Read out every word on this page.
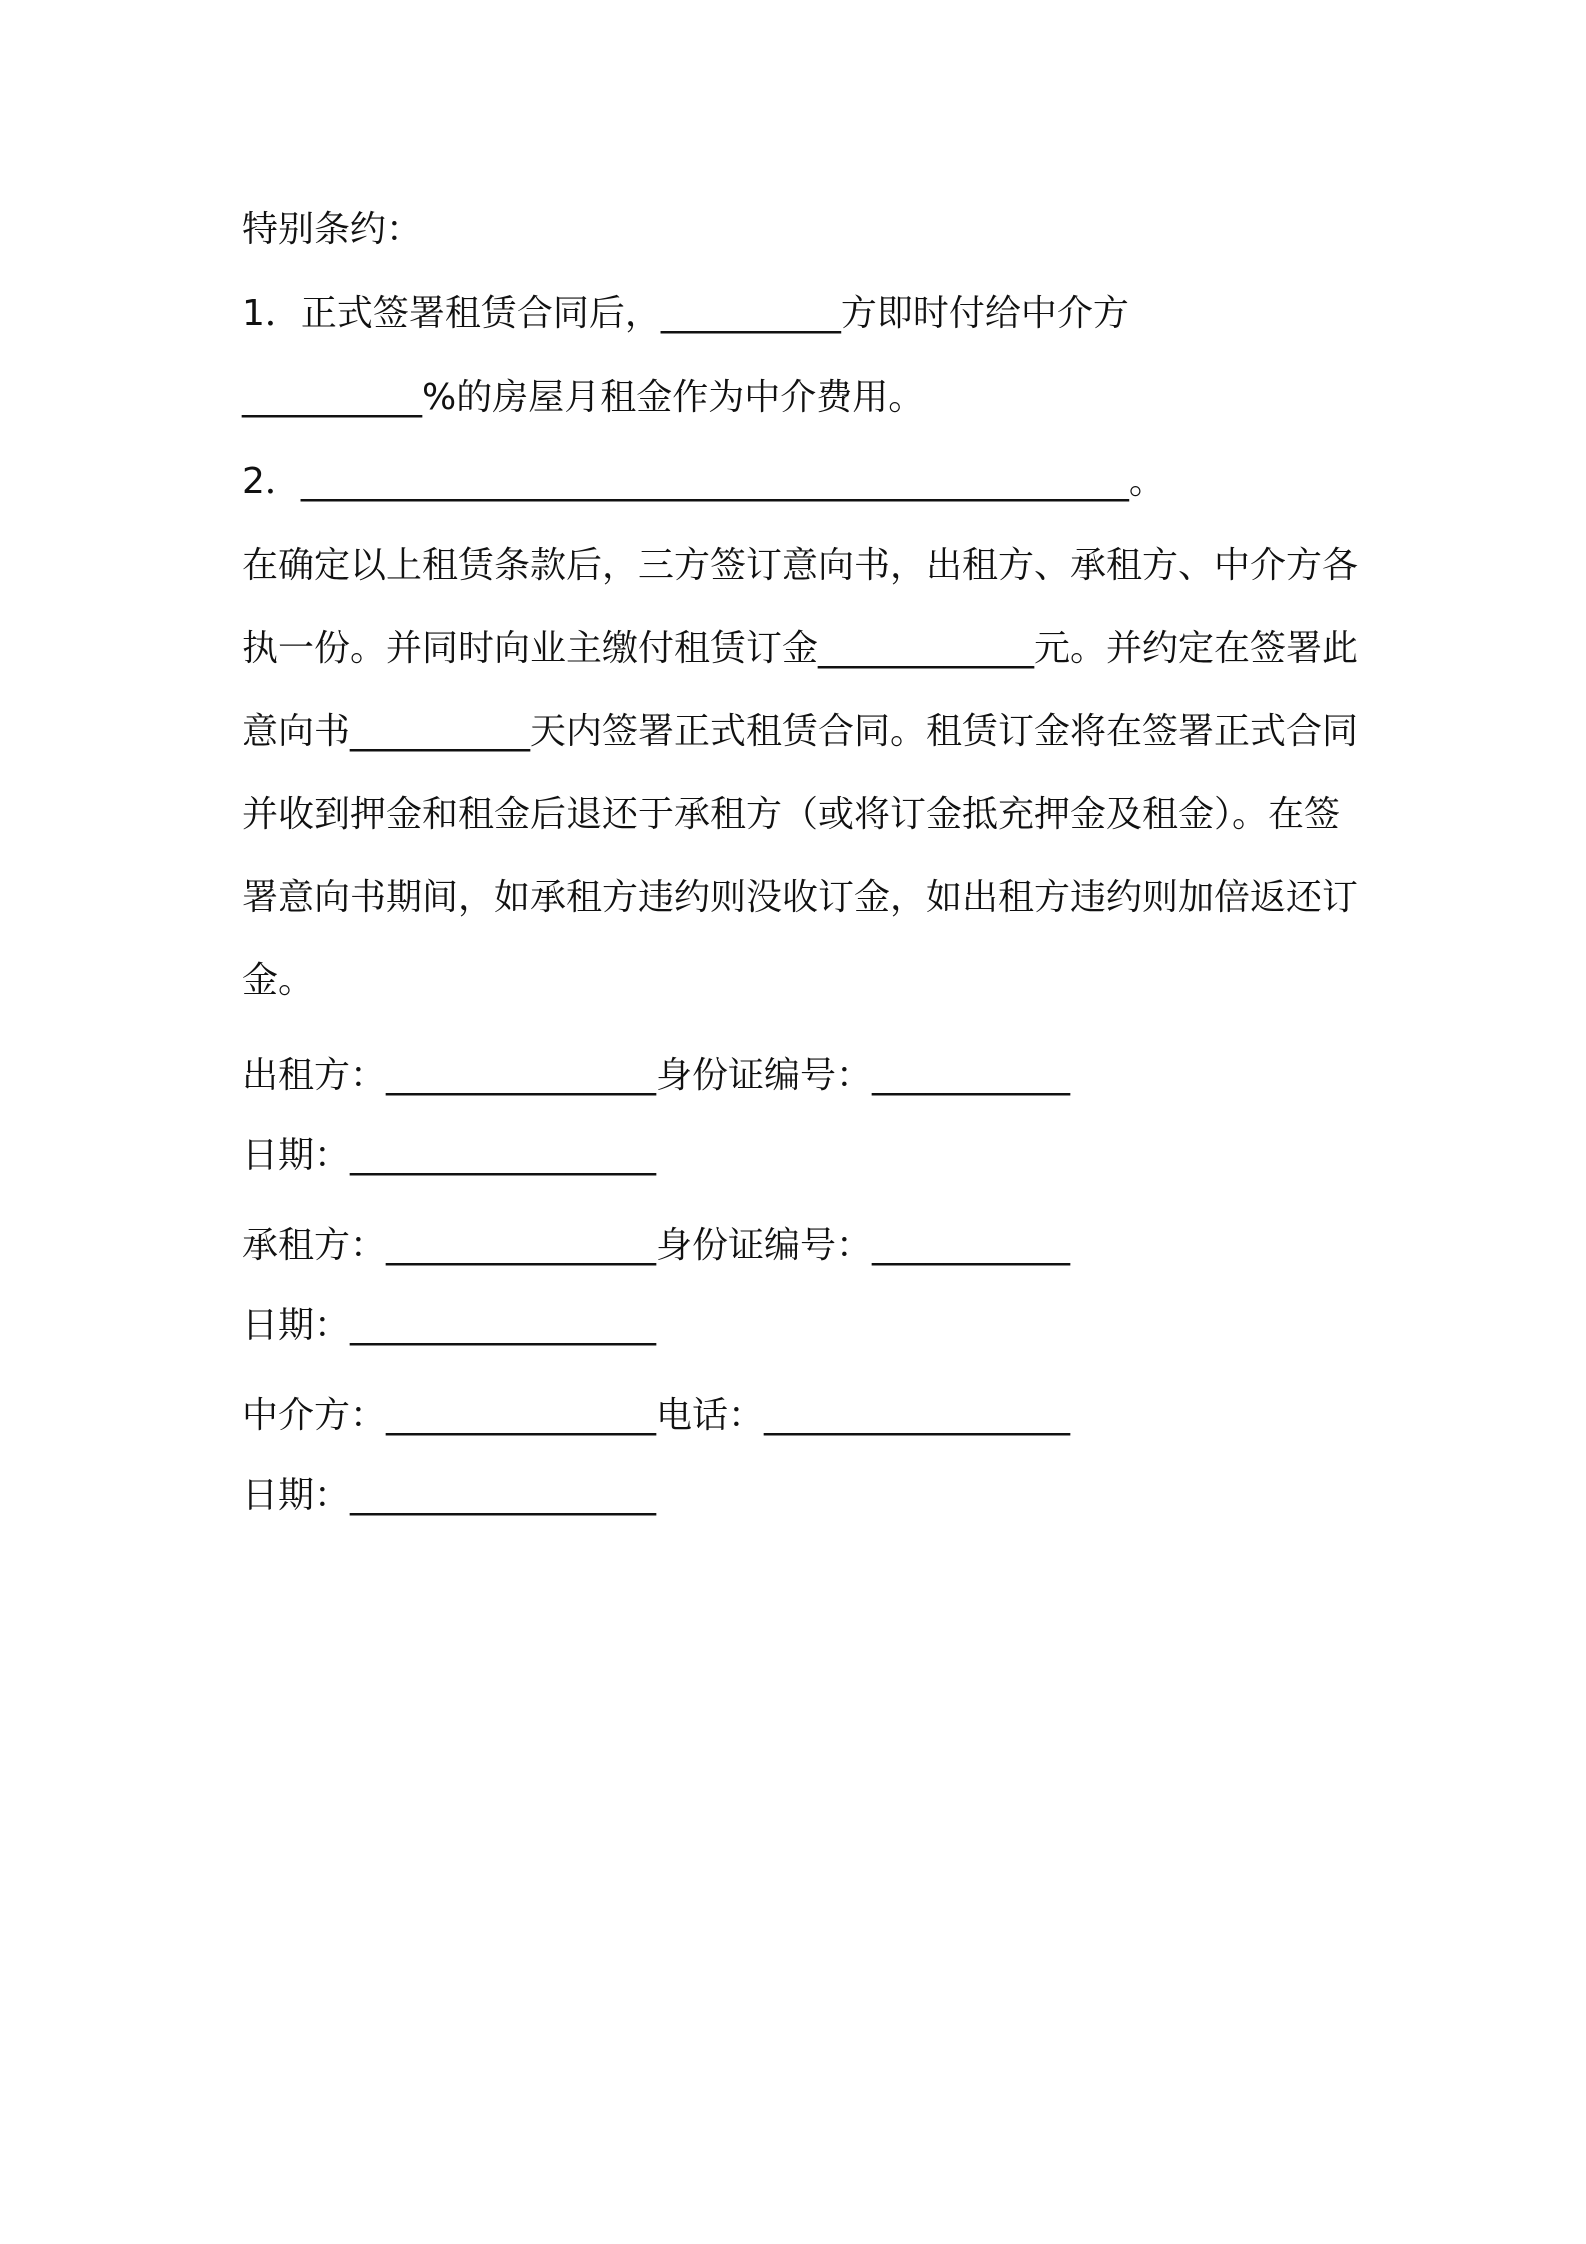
特别条约：
1．正式签署租赁合同后，__________方即时付给中介方
__________%的房屋月租金作为中介费用。
2．______________________________________________。

在确定以上租赁条款后，三方签订意向书，出租方、承租方、中介方各执一份。并同时向业主缴付租赁订金____________元。并约定在签署此意向书__________天内签署正式租赁合同。租赁订金将在签署正式合同并收到押金和租金后退还于承租方（或将订金抵充押金及租金）。在签署意向书期间，如承租方违约则没收订金，如出租方违约则加倍返还订金。

出租方：_______________身份证编号：___________
日期：_________________
承租方：_______________身份证编号：___________
日期：_________________
中介方：_______________电话：_________________
日期：_________________
